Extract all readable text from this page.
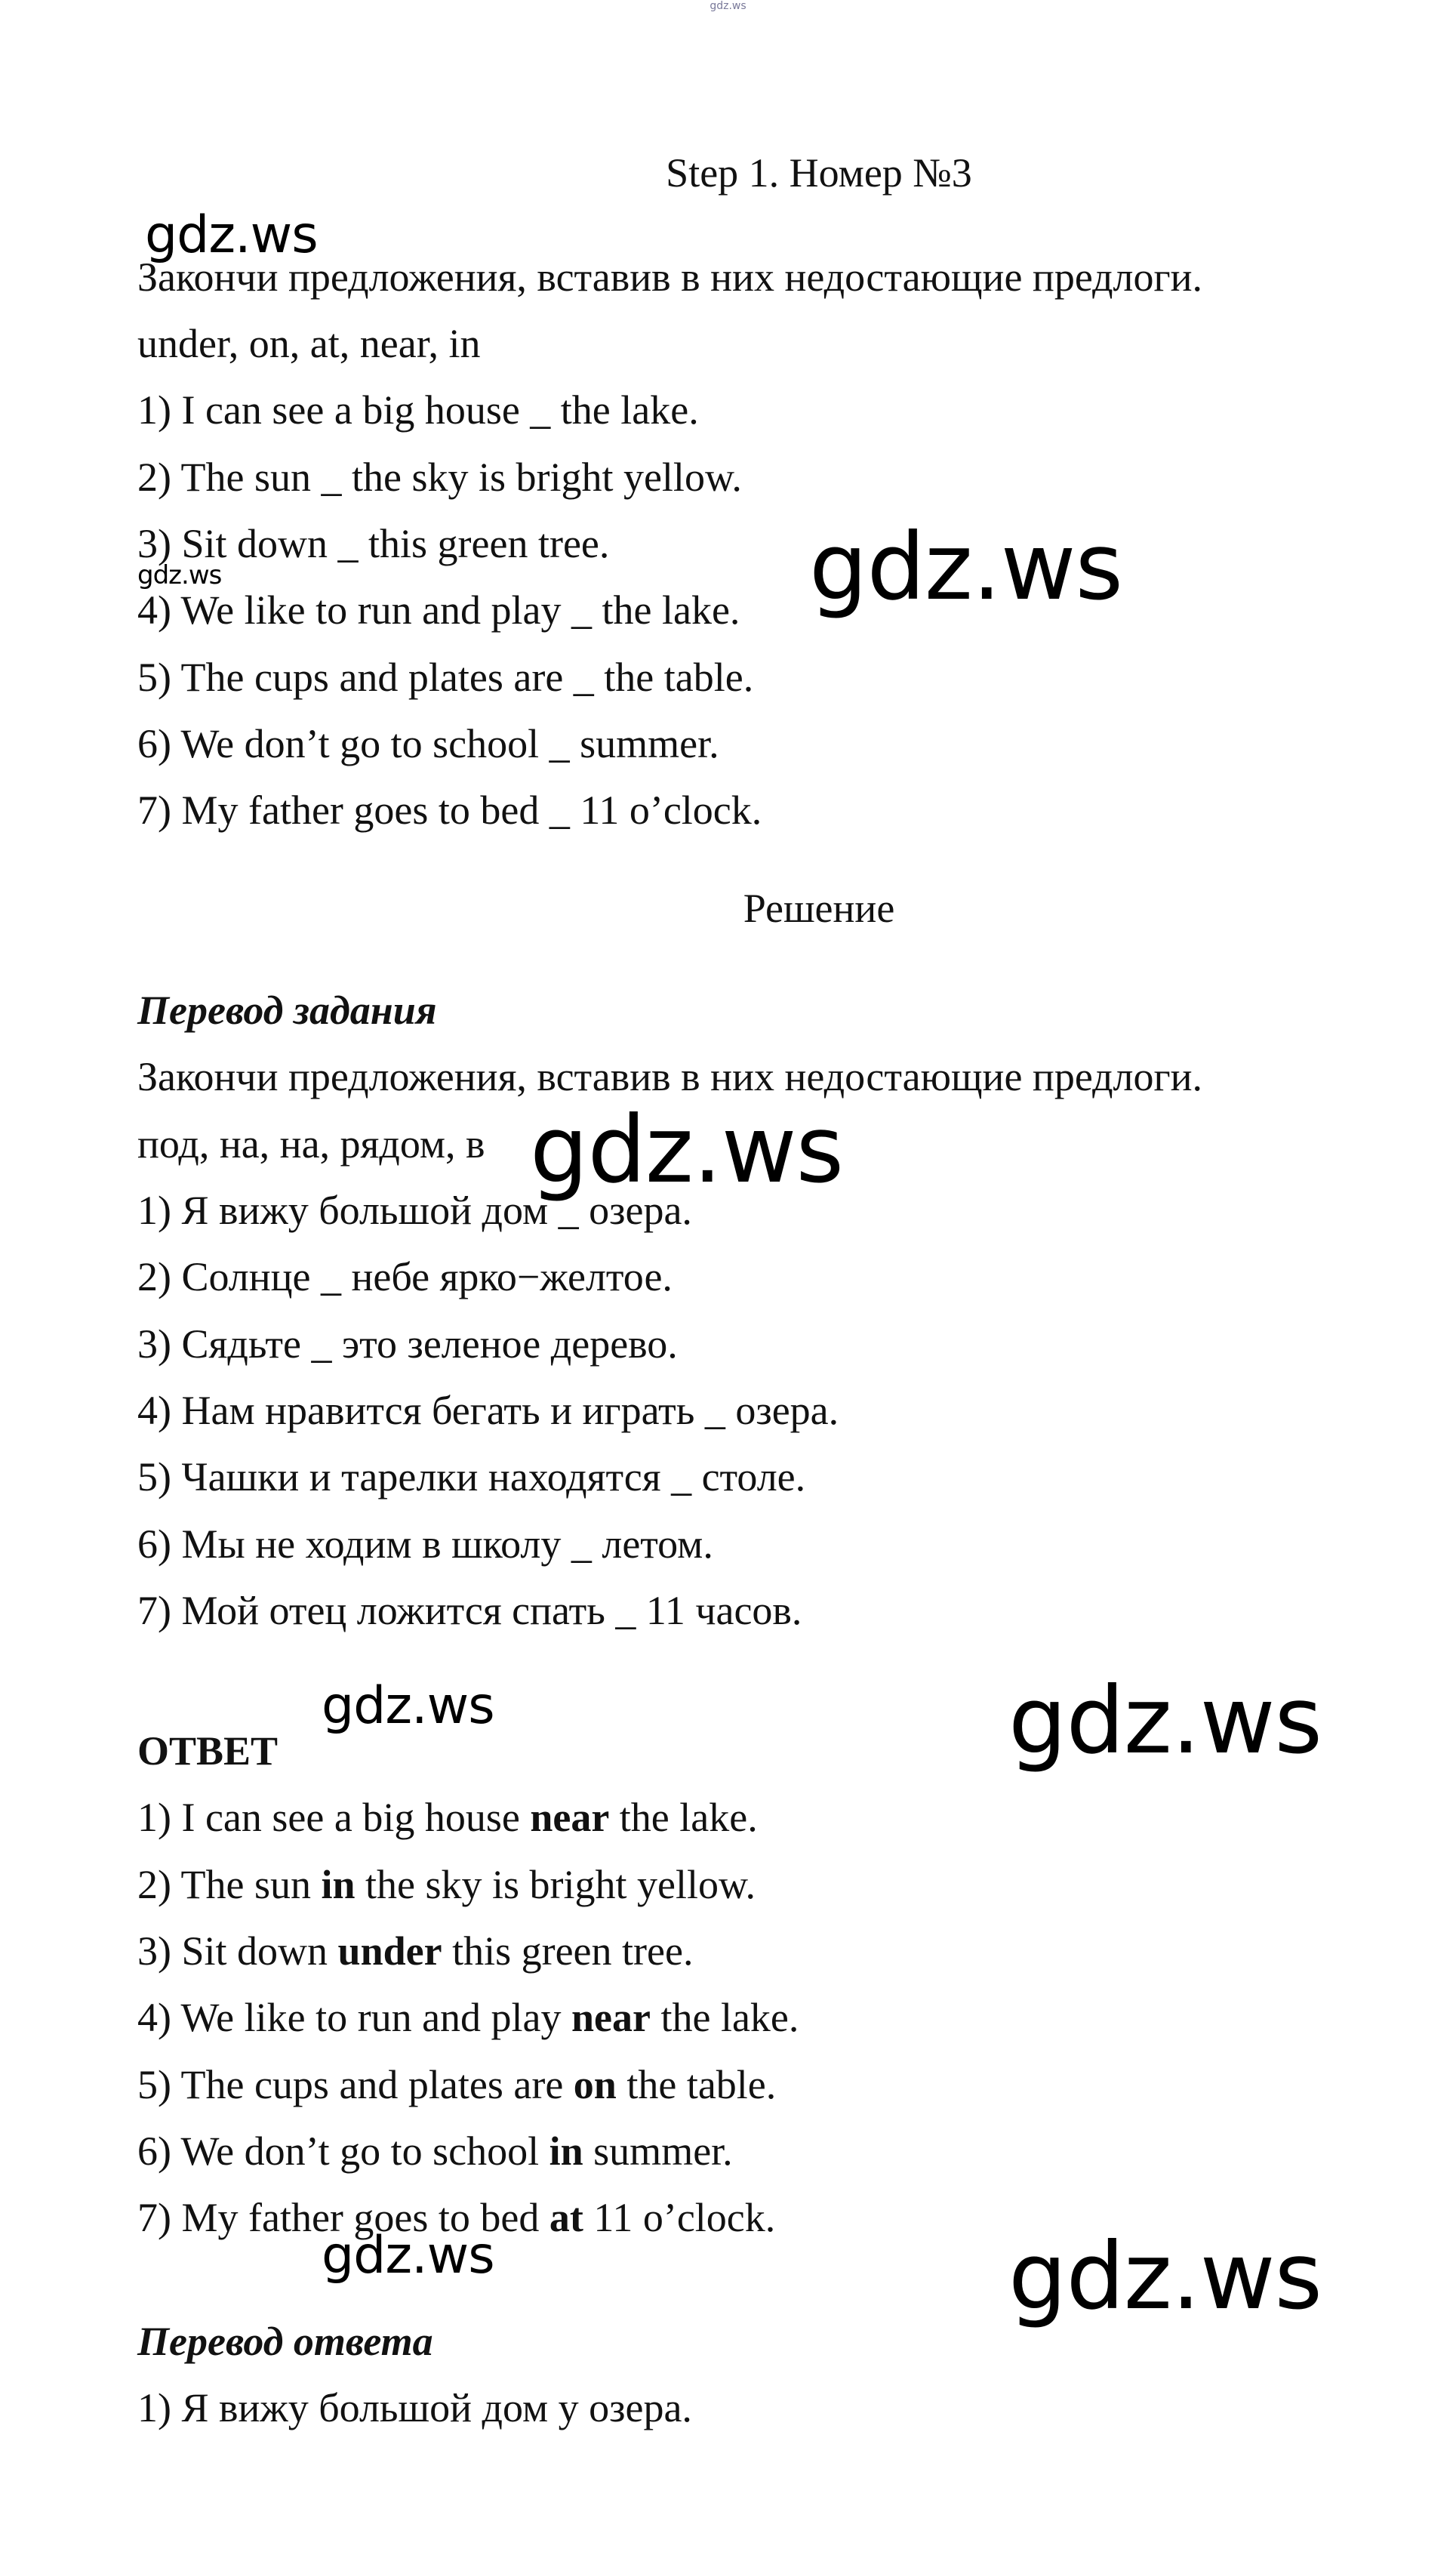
gdz.ws
Step 1. Номер №3
Закончи предложения, вставив в них недостающие предлоги.
under, on, at, near, in
1) I can see a big house _ the lake.
2) The sun _ the sky is bright yellow.
3) Sit down _ this green tree.
4) We like to run and play _ the lake.
5) The cups and plates are _ the table.
6) We don’t go to school _ summer.
7) My father goes to bed _ 11 o’clock.
Решение
Перевод задания
Закончи предложения, вставив в них недостающие предлоги.
под, на, на, рядом, в
1) Я вижу большой дом _ озера.
2) Солнце _ небе ярко−желтое.
3) Сядьте _ это зеленое дерево.
4) Нам нравится бегать и играть _ озера.
5) Чашки и тарелки находятся _ столе.
6) Мы не ходим в школу _ летом.
7) Мой отец ложится спать _ 11 часов.
ОТВЕТ
1) I can see a big house near the lake.
2) The sun in the sky is bright yellow.
3) Sit down under this green tree.
4) We like to run and play near the lake.
5) The cups and plates are on the table.
6) We don’t go to school in summer.
7) My father goes to bed at 11 o’clock.
Перевод ответа
1) Я вижу большой дом у озера.
gdz.ws
gdz.ws	gdz.ws
gdz.ws
gdz.ws	gdz.ws
gdz.ws	gdz.ws
